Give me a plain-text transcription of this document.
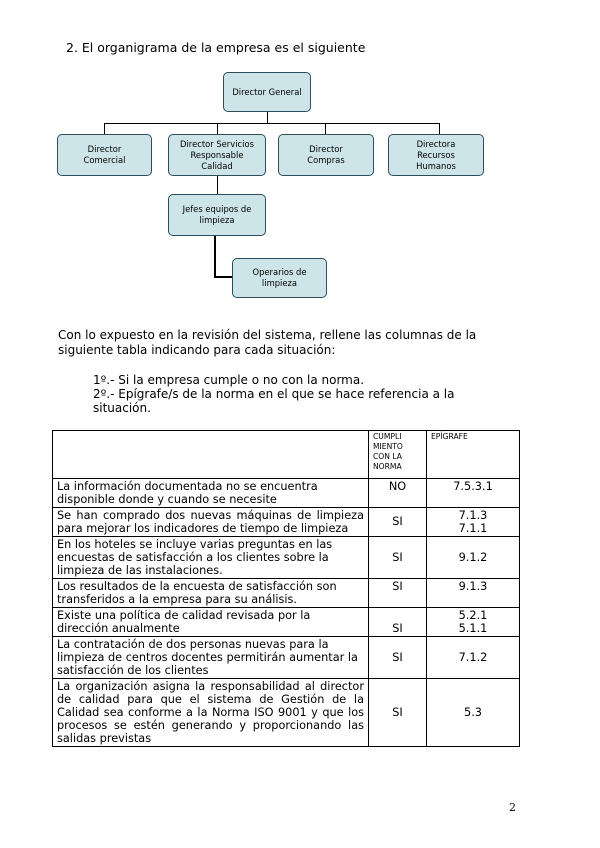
2. El organigrama de la empresa es el siguiente
Director General
Director
Comercial
Director Servicios
Responsable
Calidad
Director
Compras
Directora
Recursos
Humanos
Jefes equipos de
limpieza
Operarios de
limpieza
Con lo expuesto en la revisión del sistema, rellene las columnas de la siguiente tabla indicando para cada situación:
1º.- Si la empresa cumple o no con la norma.
2º.- Epígrafe/s de la norma en el que se hace referencia a la situación.
	CUMPLI
MIENTO
CON LA
NORMA	EPÍGRAFE
La información documentada no se encuentra disponible donde y cuando se necesite	NO	7.5.3.1
Se han comprado dos nuevas máquinas de limpieza para mejorar los indicadores de tiempo de limpieza	SI	7.1.3
7.1.1
En los hoteles se incluye varias preguntas en las encuestas de satisfacción a los clientes sobre la limpieza de las instalaciones.	SI	9.1.2
Los resultados de la encuesta de satisfacción son transferidos a la empresa para su análisis.	SI	9.1.3
Existe una política de calidad revisada por la dirección anualmente	SI	5.2.1
5.1.1
La contratación de dos personas nuevas para la limpieza de centros docentes permitirán aumentar la satisfacción de los clientes	SI	7.1.2
La organización asigna la responsabilidad al director de calidad para que el sistema de Gestión de la Calidad sea conforme a la Norma ISO 9001 y que los procesos se estén generando y proporcionando las salidas previstas	SI	5.3
2
